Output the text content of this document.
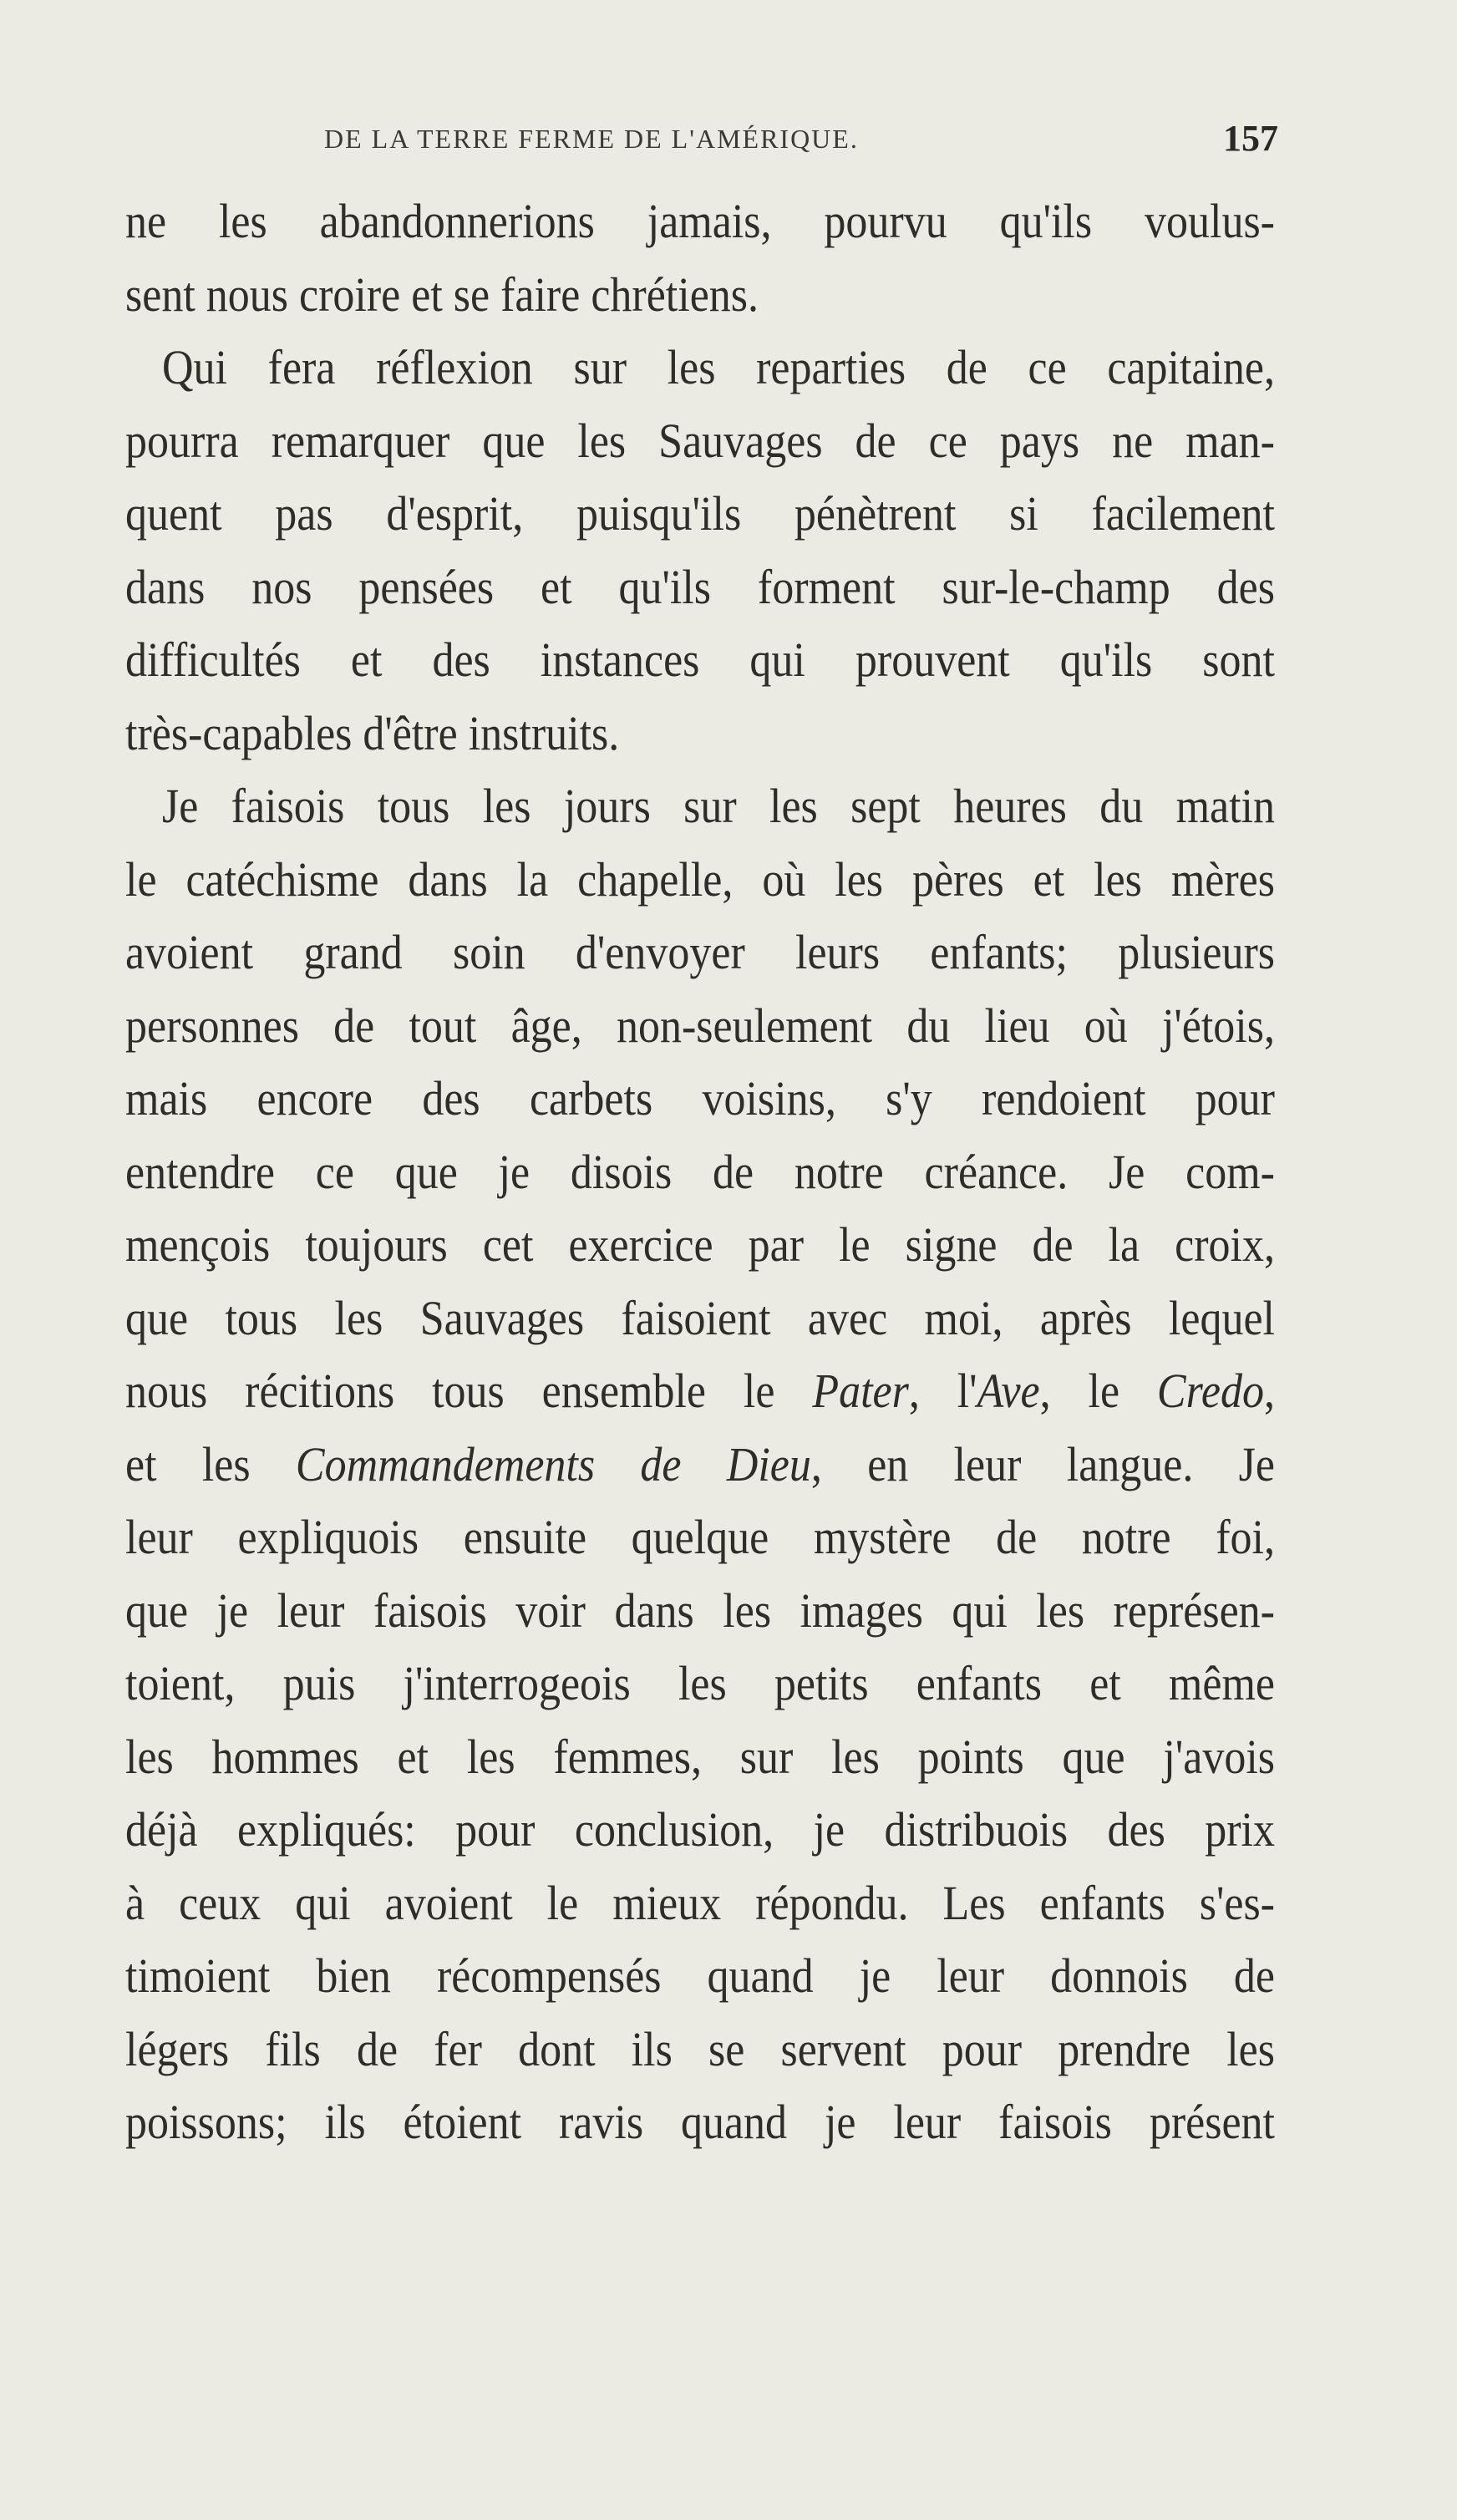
DE LA TERRE FERME DE L'AMÉRIQUE.	157
ne les abandonnerions jamais, pourvu qu'ils voulus-
sent nous croire et se faire chrétiens.
Qui fera réflexion sur les reparties de ce capitaine,
pourra remarquer que les Sauvages de ce pays ne man-
quent pas d'esprit, puisqu'ils pénètrent si facilement
dans nos pensées et qu'ils forment sur-le-champ des
difficultés et des instances qui prouvent qu'ils sont
très-capables d'être instruits.
Je faisois tous les jours sur les sept heures du matin
le catéchisme dans la chapelle, où les pères et les mères
avoient grand soin d'envoyer leurs enfants; plusieurs
personnes de tout âge, non-seulement du lieu où j'étois,
mais encore des carbets voisins, s'y rendoient pour
entendre ce que je disois de notre créance. Je com-
mençois toujours cet exercice par le signe de la croix,
que tous les Sauvages faisoient avec moi, après lequel
nous récitions tous ensemble le Pater, l'Ave, le Credo,
et les Commandements de Dieu, en leur langue. Je
leur expliquois ensuite quelque mystère de notre foi,
que je leur faisois voir dans les images qui les représen-
toient, puis j'interrogeois les petits enfants et même
les hommes et les femmes, sur les points que j'avois
déjà expliqués: pour conclusion, je distribuois des prix
à ceux qui avoient le mieux répondu. Les enfants s'es-
timoient bien récompensés quand je leur donnois de
légers fils de fer dont ils se servent pour prendre les
poissons; ils étoient ravis quand je leur faisois présent
